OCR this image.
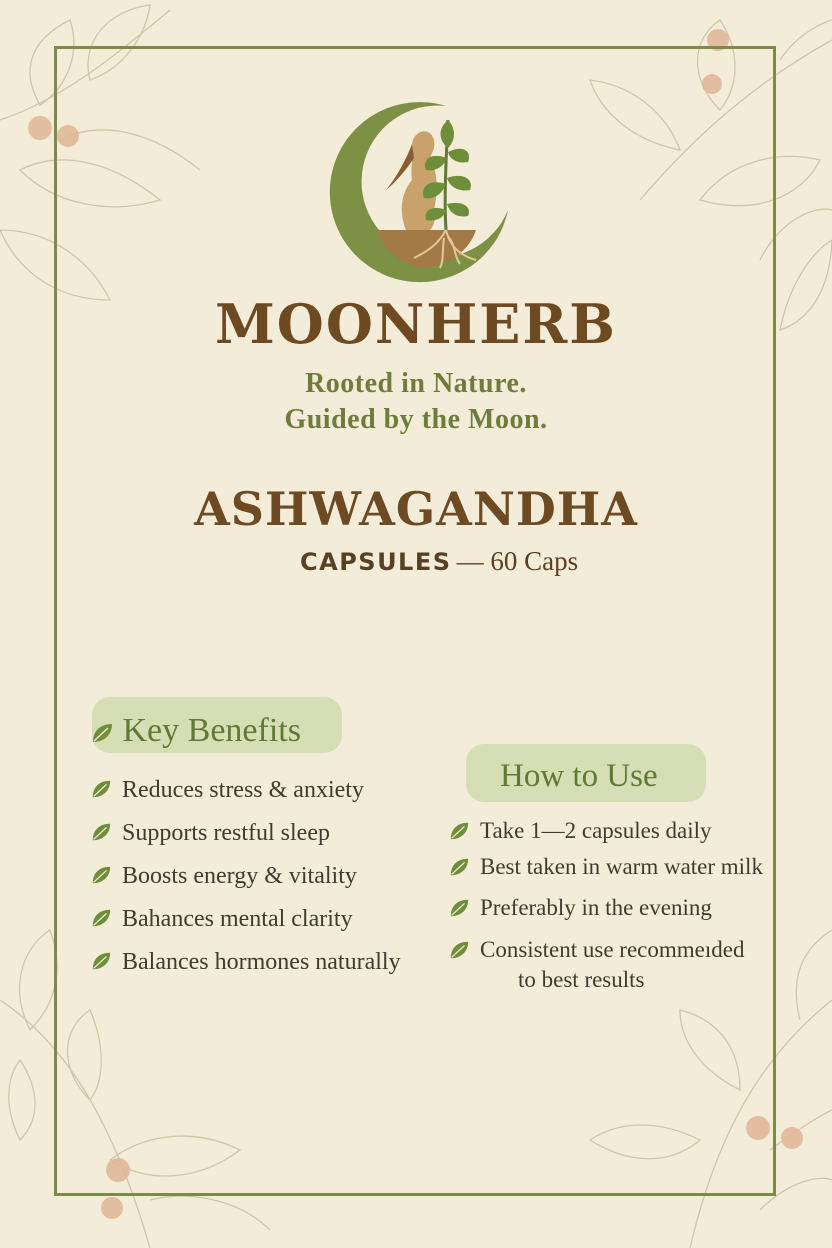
MOONHERB
Rooted in Nature.
Guided by the Moon.
ASHWAGANDHA
CAPSULES — 60 Caps
Key Benefits
Reduces stress & anxiety
Supports restful sleep
Boosts energy & vitality
Bahances mental clarity
Balances hormones naturally
How to Use
Take 1—2 capsules daily
Best taken in warm water milk
Preferably in the evening
Consistent use recommeıded
to best results
